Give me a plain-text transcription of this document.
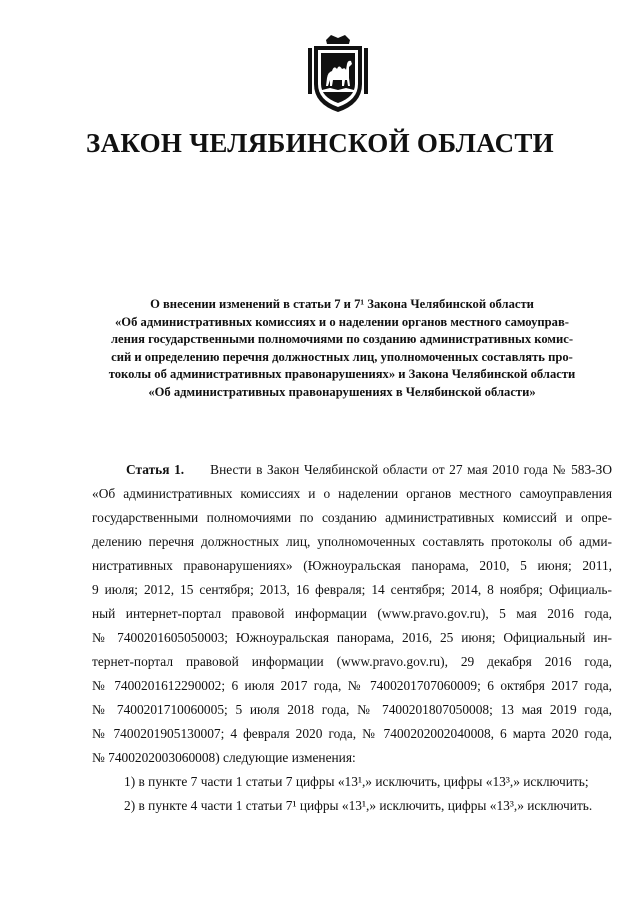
ЗАКОН ЧЕЛЯБИНСКОЙ ОБЛАСТИ
О внесении изменений в статьи 7 и 7¹ Закона Челябинской области
«Об административных комиссиях и о наделении органов местного самоуправ-
ления государственными полномочиями по созданию административных комис-
сий и определению перечня должностных лиц, уполномоченных составлять про-
токолы об административных правонарушениях» и Закона Челябинской области
«Об административных правонарушениях в Челябинской области»
Статья 1. Внести в Закон Челябинской области от 27 мая 2010 года № 583-ЗО
«Об административных комиссиях и о наделении органов местного самоуправления
государственными полномочиями по созданию административных комиссий и опре-
делению перечня должностных лиц, уполномоченных составлять протоколы об адми-
нистративных правонарушениях» (Южноуральская панорама, 2010, 5 июня; 2011,
9 июля; 2012, 15 сентября; 2013, 16 февраля; 14 сентября; 2014, 8 ноября; Официаль-
ный интернет-портал правовой информации (www.pravo.gov.ru), 5 мая 2016 года,
№ 7400201605050003; Южноуральская панорама, 2016, 25 июня; Официальный ин-
тернет-портал правовой информации (www.pravo.gov.ru), 29 декабря 2016 года,
№ 7400201612290002; 6 июля 2017 года, № 7400201707060009; 6 октября 2017 года,
№ 7400201710060005; 5 июля 2018 года, № 7400201807050008; 13 мая 2019 года,
№ 7400201905130007; 4 февраля 2020 года, № 7400202002040008, 6 марта 2020 года,
№ 7400202003060008) следующие изменения:
1) в пункте 7 части 1 статьи 7 цифры «13¹,» исключить, цифры «13³,» исключить;
2) в пункте 4 части 1 статьи 7¹ цифры «13¹,» исключить, цифры «13³,» исключить.
